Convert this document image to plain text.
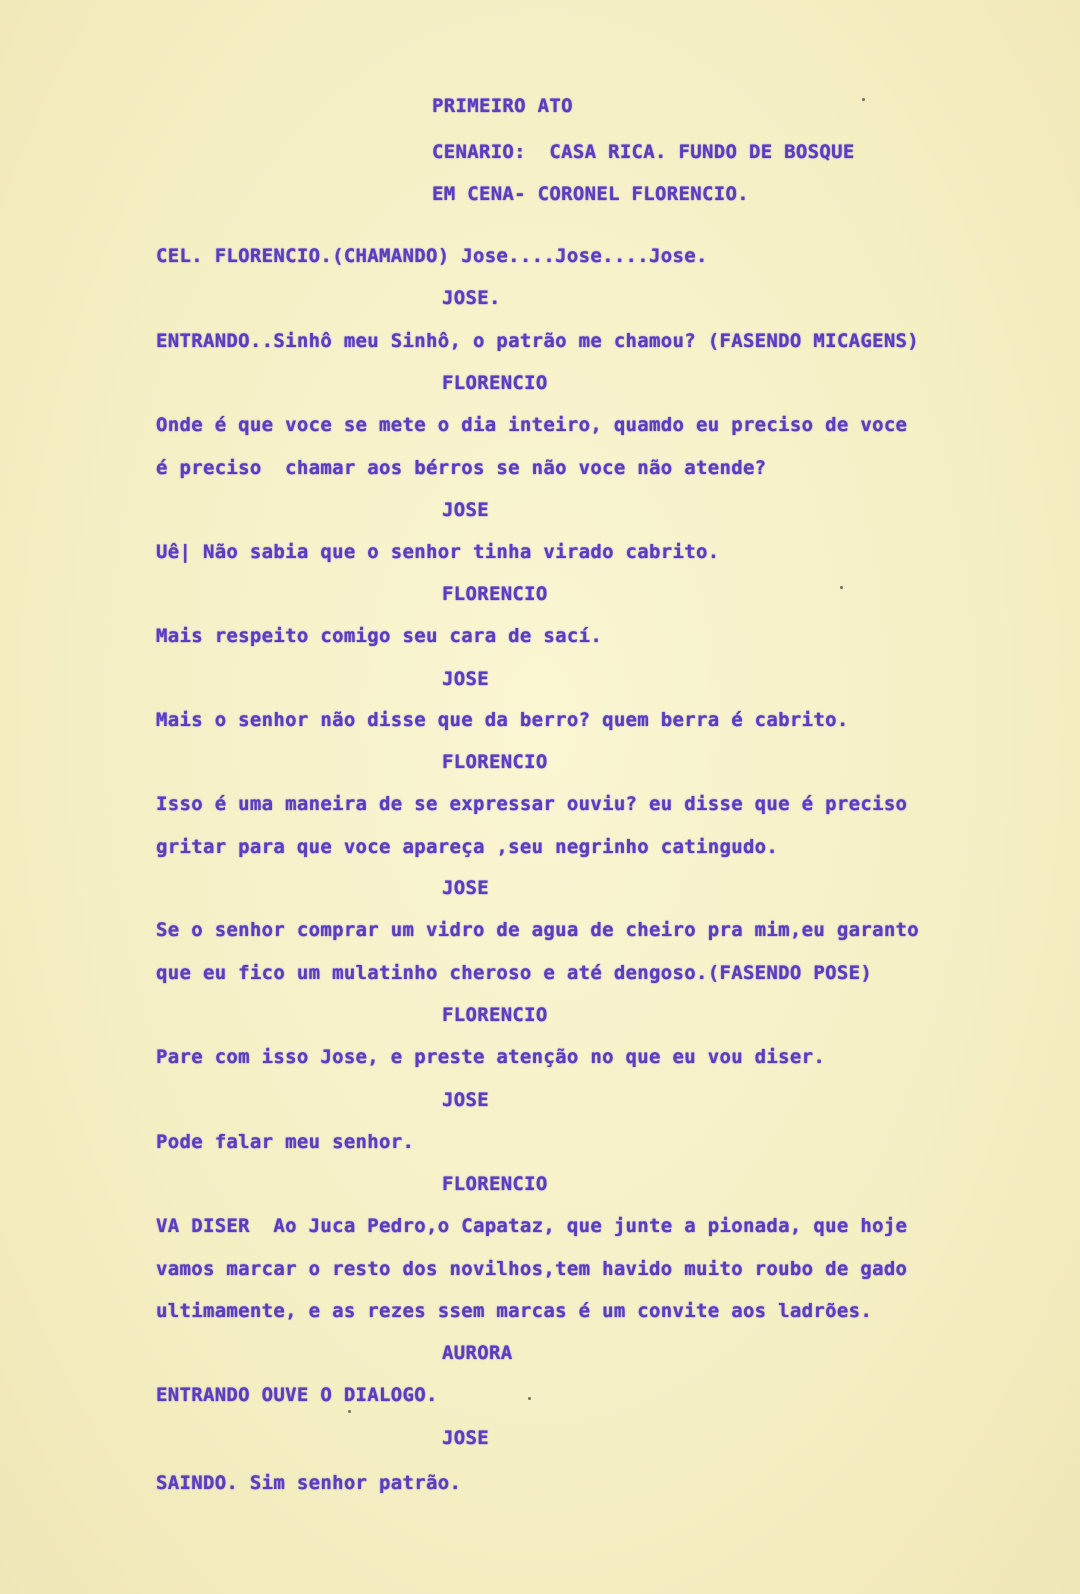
PRIMEIRO ATO
CENARIO:  CASA RICA. FUNDO DE BOSQUE
EM CENA- CORONEL FLORENCIO.
CEL. FLORENCIO.(CHAMANDO) Jose....Jose....Jose.
JOSE.
ENTRANDO..Sinhô meu Sinhô, o patrão me chamou? (FASENDO MICAGENS)
FLORENCIO
Onde é que voce se mete o dia inteiro, quamdo eu preciso de voce
é preciso  chamar aos bérros se não voce não atende?
JOSE
Uê| Não sabia que o senhor tinha virado cabrito.
FLORENCIO
Mais respeito comigo seu cara de sací.
JOSE
Mais o senhor não disse que da berro? quem berra é cabrito.
FLORENCIO
Isso é uma maneira de se expressar ouviu? eu disse que é preciso
gritar para que voce apareça ,seu negrinho catingudo.
JOSE
Se o senhor comprar um vidro de agua de cheiro pra mim,eu garanto
que eu fico um mulatinho cheroso e até dengoso.(FASENDO POSE)
FLORENCIO
Pare com isso Jose, e preste atenção no que eu vou diser.
JOSE
Pode falar meu senhor.
FLORENCIO
VA DISER  Ao Juca Pedro,o Capataz, que junte a pionada, que hoje
vamos marcar o resto dos novilhos,tem havido muito roubo de gado
ultimamente, e as rezes ssem marcas é um convite aos ladrões.
AURORA
ENTRANDO OUVE O DIALOGO.
JOSE
SAINDO. Sim senhor patrão.
